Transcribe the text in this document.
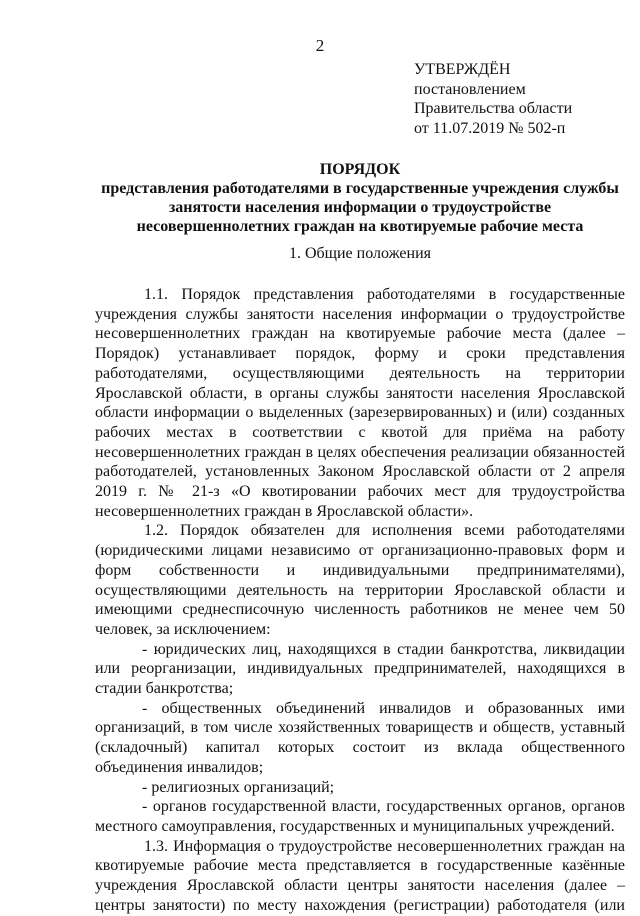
2
УТВЕРЖДЁН
постановлением
Правительства области
от 11.07.2019 № 502-п
ПОРЯДОК
представления работодателями в государственные учреждения службы
занятости населения информации о трудоустройстве
несовершеннолетних граждан на квотируемые рабочие места
1. Общие положения

1.1. Порядок представления работодателями в государственные учреждения службы занятости населения информации о трудоустройстве несовершеннолетних граждан на квотируемые рабочие места (далее – Порядок) устанавливает порядок, форму и сроки представления работодателями, осуществляющими деятельность на территории Ярославской области, в органы службы занятости населения Ярославской области информации о выделенных (зарезервированных) и (или) созданных рабочих местах в соответствии с квотой для приёма на работу несовершеннолетних граждан в целях обеспечения реализации обязанностей работодателей, установленных Законом Ярославской области от 2 апреля 2019 г. № 21-з «О квотировании рабочих мест для трудоустройства несовершеннолетних граждан в Ярославской области».

1.2. Порядок обязателен для исполнения всеми работодателями (юридическими лицами независимо от организационно-правовых форм и форм собственности и индивидуальными предпринимателями), осуществляющими деятельность на территории Ярославской области и имеющими среднесписочную численность работников не менее чем 50 человек, за исключением:

- юридических лиц, находящихся в стадии банкротства, ликвидации или реорганизации, индивидуальных предпринимателей, находящихся в стадии банкротства;

- общественных объединений инвалидов и образованных ими организаций, в том числе хозяйственных товариществ и обществ, уставный (складочный) капитал которых состоит из вклада общественного объединения инвалидов;

- религиозных организаций;

- органов государственной власти, государственных органов, органов местного самоуправления, государственных и муниципальных учреждений.

1.3. Информация о трудоустройстве несовершеннолетних граждан на квотируемые рабочие места представляется в государственные казённые учреждения Ярославской области центры занятости населения (далее – центры занятости) по месту нахождения (регистрации) работодателя (или
